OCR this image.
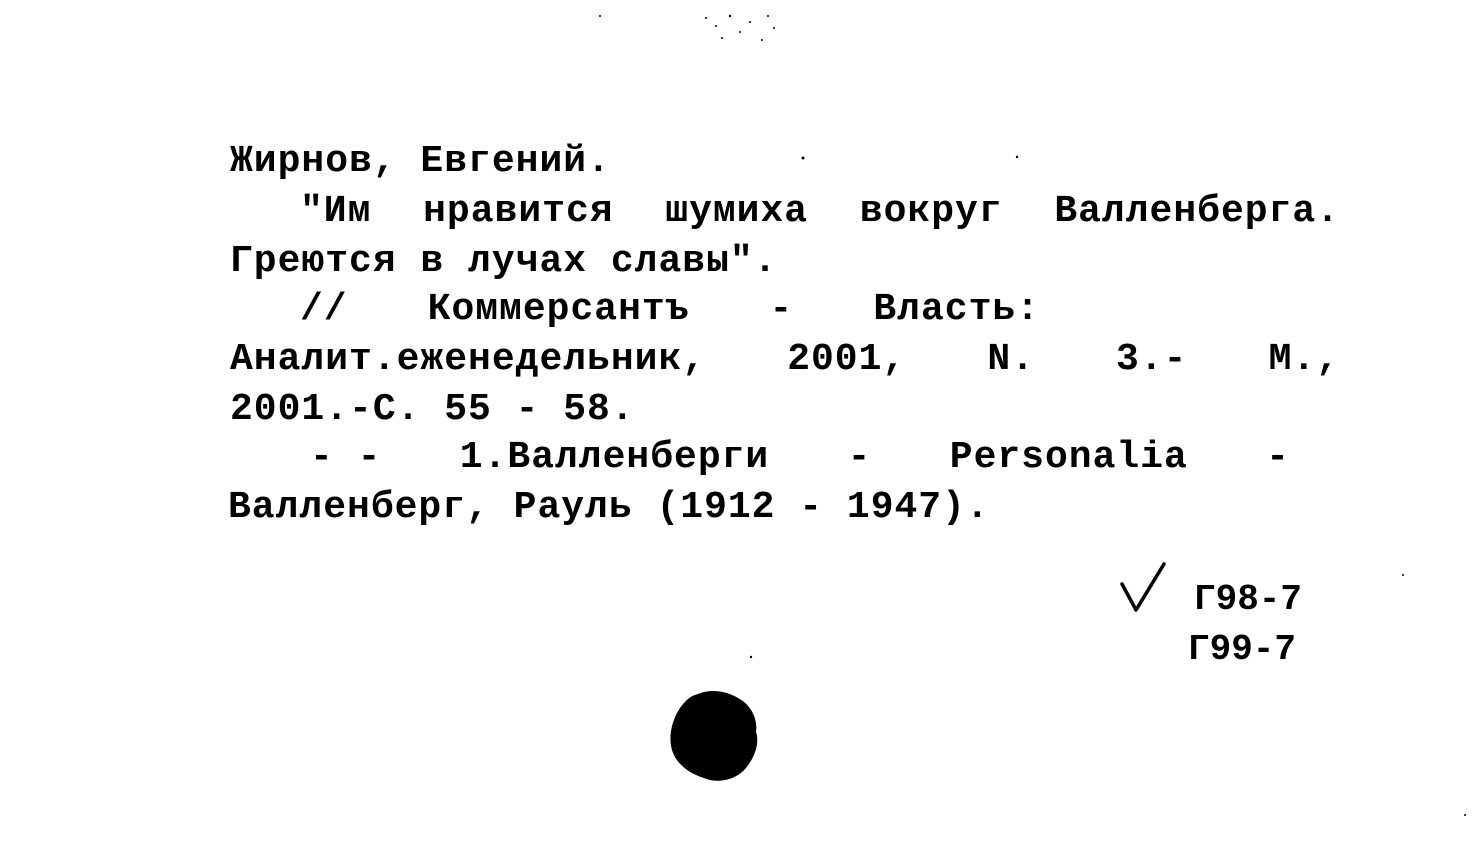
Жирнов, Евгений.
"Им нравится шумиха вокруг Валленберга.
Греются в лучах славы".
// Коммерсантъ - Власть:
Аналит.еженедельник, 2001, N. 3.- М.,
2001.-С. 55 - 58.
- - 1.Валленберги - Personalia -
Валленберг, Рауль (1912 - 1947).
Г98-7
Г99-7
